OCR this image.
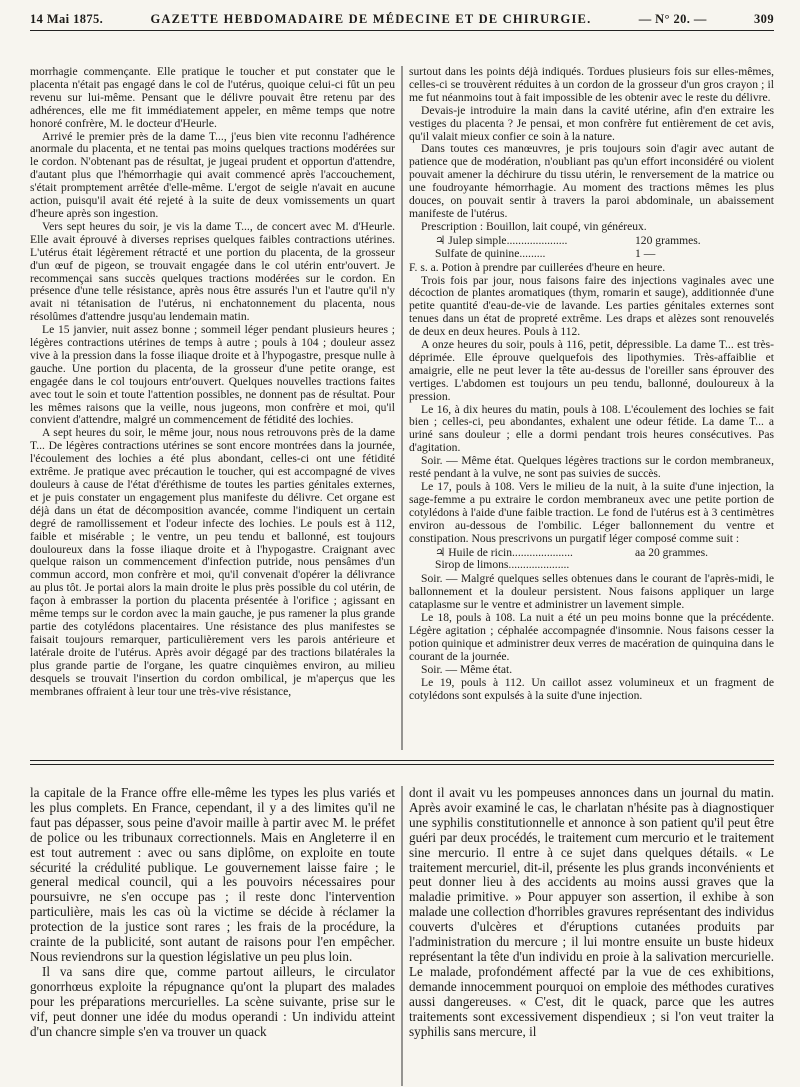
14 Mai 1875.	GAZETTE HEBDOMADAIRE DE MÉDECINE ET DE CHIRURGIE.	— N° 20. —	309

morrhagie commençante. Elle pratique le toucher et put constater que le placenta n'était pas engagé dans le col de l'utérus, quoique celui-ci fût un peu revenu sur lui-même. Pensant que le délivre pouvait être retenu par des adhérences, elle me fit immédiatement appeler, en même temps que notre honoré confrère, M. le docteur d'Heurle.

Arrivé le premier près de la dame T..., j'eus bien vite reconnu l'adhérence anormale du placenta, et ne tentai pas moins quelques tractions modérées sur le cordon. N'obtenant pas de résultat, je jugeai prudent et opportun d'attendre, d'autant plus que l'hémorrhagie qui avait commencé après l'accouchement, s'était promptement arrêtée d'elle-même. L'ergot de seigle n'avait en aucune action, puisqu'il avait été rejeté à la suite de deux vomissements un quart d'heure après son ingestion.

Vers sept heures du soir, je vis la dame T..., de concert avec M. d'Heurle. Elle avait éprouvé à diverses reprises quelques faibles contractions utérines. L'utérus était légèrement rétracté et une portion du placenta, de la grosseur d'un œuf de pigeon, se trouvait engagée dans le col utérin entr'ouvert. Je recommençai sans succès quelques tractions modérées sur le cordon. En présence d'une telle résistance, après nous être assurés l'un et l'autre qu'il n'y avait ni tétanisation de l'utérus, ni enchatonnement du placenta, nous résolûmes d'attendre jusqu'au lendemain matin.

Le 15 janvier, nuit assez bonne ; sommeil léger pendant plusieurs heures ; légères contractions utérines de temps à autre ; pouls à 104 ; douleur assez vive à la pression dans la fosse iliaque droite et à l'hypogastre, presque nulle à gauche. Une portion du placenta, de la grosseur d'une petite orange, est engagée dans le col toujours entr'ouvert. Quelques nouvelles tractions faites avec tout le soin et toute l'attention possibles, ne donnent pas de résultat. Pour les mêmes raisons que la veille, nous jugeons, mon confrère et moi, qu'il convient d'attendre, malgré un commencement de fétidité des lochies.

A sept heures du soir, le même jour, nous nous retrouvons près de la dame T... De légères contractions utérines se sont encore montrées dans la journée, l'écoulement des lochies a été plus abondant, celles-ci ont une fétidité extrême. Je pratique avec précaution le toucher, qui est accompagné de vives douleurs à cause de l'état d'éréthisme de toutes les parties génitales externes, et je puis constater un engagement plus manifeste du délivre. Cet organe est déjà dans un état de décomposition avancée, comme l'indiquent un certain degré de ramollissement et l'odeur infecte des lochies. Le pouls est à 112, faible et misérable ; le ventre, un peu tendu et ballonné, est toujours douloureux dans la fosse iliaque droite et à l'hypogastre. Craignant avec quelque raison un commencement d'infection putride, nous pensâmes d'un commun accord, mon confrère et moi, qu'il convenait d'opérer la délivrance au plus tôt. Je portai alors la main droite le plus près possible du col utérin, de façon à embrasser la portion du placenta présentée à l'orifice ; agissant en même temps sur le cordon avec la main gauche, je pus ramener la plus grande partie des cotylédons placentaires. Une résistance des plus manifestes se faisait toujours remarquer, particulièrement vers les parois antérieure et latérale droite de l'utérus. Après avoir dégagé par des tractions bilatérales la plus grande partie de l'organe, les quatre cinquièmes environ, au milieu desquels se trouvait l'insertion du cordon ombilical, je m'aperçus que les membranes offraient à leur tour une très-vive résistance,

surtout dans les points déjà indiqués. Tordues plusieurs fois sur elles-mêmes, celles-ci se trouvèrent réduites à un cordon de la grosseur d'un gros crayon ; il me fut néanmoins tout à fait impossible de les obtenir avec le reste du délivre.

Devais-je introduire la main dans la cavité utérine, afin d'en extraire les vestiges du placenta ? Je pensai, et mon confrère fut entièrement de cet avis, qu'il valait mieux confier ce soin à la nature.

Dans toutes ces manœuvres, je pris toujours soin d'agir avec autant de patience que de modération, n'oubliant pas qu'un effort inconsidéré ou violent pouvait amener la déchirure du tissu utérin, le renversement de la matrice ou une foudroyante hémorrhagie. Au moment des tractions mêmes les plus douces, on pouvait sentir à travers la paroi abdominale, un abaissement manifeste de l'utérus.

Prescription : Bouillon, lait coupé, vin généreux.

♃ Julep simple.....................	120 grammes.
Sulfate de quinine.........	1 —

F. s. a. Potion à prendre par cuillerées d'heure en heure.

Trois fois par jour, nous faisons faire des injections vaginales avec une décoction de plantes aromatiques (thym, romarin et sauge), additionnée d'une petite quantité d'eau-de-vie de lavande. Les parties génitales externes sont tenues dans un état de propreté extrême. Les draps et alèzes sont renouvelés de deux en deux heures. Pouls à 112.

A onze heures du soir, pouls à 116, petit, dépressible. La dame T... est très-déprimée. Elle éprouve quelquefois des lipothymies. Très-affaiblie et amaigrie, elle ne peut lever la tête au-dessus de l'oreiller sans éprouver des vertiges. L'abdomen est toujours un peu tendu, ballonné, douloureux à la pression.

Le 16, à dix heures du matin, pouls à 108. L'écoulement des lochies se fait bien ; celles-ci, peu abondantes, exhalent une odeur fétide. La dame T... a uriné sans douleur ; elle a dormi pendant trois heures consécutives. Pas d'agitation.

Soir. — Même état. Quelques légères tractions sur le cordon membraneux, resté pendant à la vulve, ne sont pas suivies de succès.

Le 17, pouls à 108. Vers le milieu de la nuit, à la suite d'une injection, la sage-femme a pu extraire le cordon membraneux avec une petite portion de cotylédons à l'aide d'une faible traction. Le fond de l'utérus est à 3 centimètres environ au-dessous de l'ombilic. Léger ballonnement du ventre et constipation. Nous prescrivons un purgatif léger composé comme suit :

♃ Huile de ricin.....................	aa 20 grammes.
Sirop de limons.....................

Soir. — Malgré quelques selles obtenues dans le courant de l'après-midi, le ballonnement et la douleur persistent. Nous faisons appliquer un large cataplasme sur le ventre et administrer un lavement simple.

Le 18, pouls à 108. La nuit a été un peu moins bonne que la précédente. Légère agitation ; céphalée accompagnée d'insomnie. Nous faisons cesser la potion quinique et administrer deux verres de macération de quinquina dans le courant de la journée.

Soir. — Même état.

Le 19, pouls à 112. Un caillot assez volumineux et un fragment de cotylédons sont expulsés à la suite d'une injection.

la capitale de la France offre elle-même les types les plus variés et les plus complets. En France, cependant, il y a des limites qu'il ne faut pas dépasser, sous peine d'avoir maille à partir avec M. le préfet de police ou les tribunaux correctionnels. Mais en Angleterre il en est tout autrement : avec ou sans diplôme, on exploite en toute sécurité la crédulité publique. Le gouvernement laisse faire ; le general medical council, qui a les pouvoirs nécessaires pour poursuivre, ne s'en occupe pas ; il reste donc l'intervention particulière, mais les cas où la victime se décide à réclamer la protection de la justice sont rares ; les frais de la procédure, la crainte de la publicité, sont autant de raisons pour l'en empêcher. Nous reviendrons sur la question législative un peu plus loin.

Il va sans dire que, comme partout ailleurs, le circulator gonorrhœus exploite la répugnance qu'ont la plupart des malades pour les préparations mercurielles. La scène suivante, prise sur le vif, peut donner une idée du modus operandi : Un individu atteint d'un chancre simple s'en va trouver un quack

dont il avait vu les pompeuses annonces dans un journal du matin. Après avoir examiné le cas, le charlatan n'hésite pas à diagnostiquer une syphilis constitutionnelle et annonce à son patient qu'il peut être guéri par deux procédés, le traitement cum mercurio et le traitement sine mercurio. Il entre à ce sujet dans quelques détails. « Le traitement mercuriel, dit-il, présente les plus grands inconvénients et peut donner lieu à des accidents au moins aussi graves que la maladie primitive. » Pour appuyer son assertion, il exhibe à son malade une collection d'horribles gravures représentant des individus couverts d'ulcères et d'éruptions cutanées produits par l'administration du mercure ; il lui montre ensuite un buste hideux représentant la tête d'un individu en proie à la salivation mercurielle. Le malade, profondément affecté par la vue de ces exhibitions, demande innocemment pourquoi on emploie des méthodes curatives aussi dangereuses. « C'est, dit le quack, parce que les autres traitements sont excessivement dispendieux ; si l'on veut traiter la syphilis sans mercure, il
